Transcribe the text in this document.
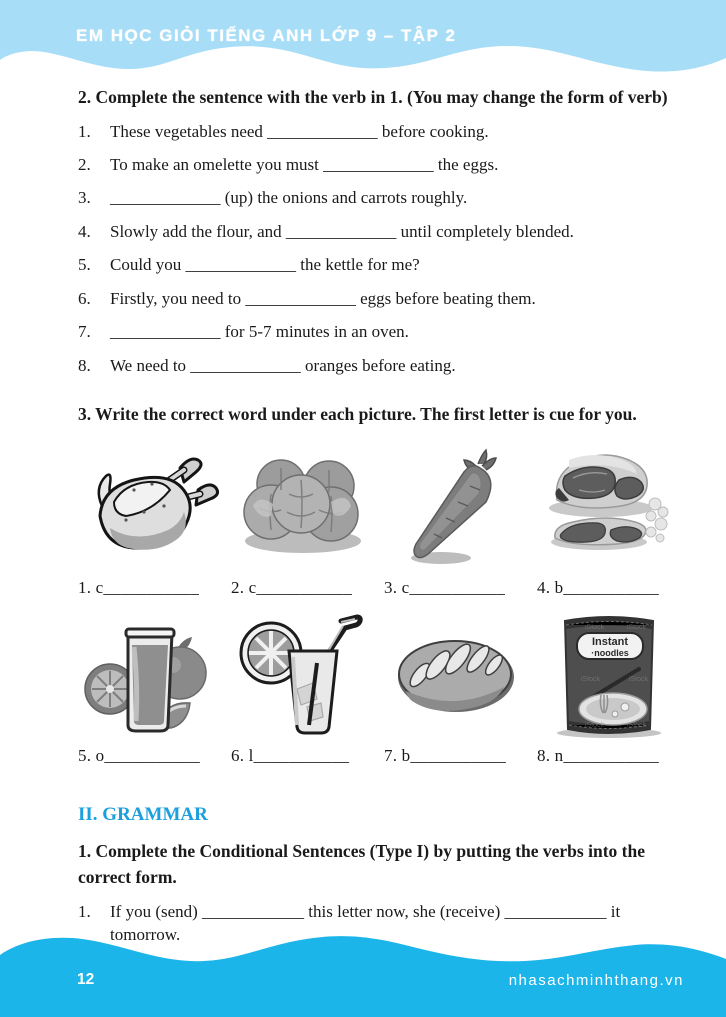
EM HỌC GIỎI TIẾNG ANH LỚP 9 – TẬP 2
2. Complete the sentence with the verb in 1. (You may change the form of verb)
1.	These vegetables need _____________ before cooking.
2.	To make an omelette you must _____________ the eggs.
3.	_____________ (up) the onions and carrots roughly.
4.	Slowly add the flour, and _____________ until completely blended.
5.	Could you _____________ the kettle for me?
6.	Firstly, you need to _____________ eggs before beating them.
7.	_____________ for 5-7 minutes in an oven.
8.	We need to _____________ oranges before eating.
3. Write the correct word under each picture. The first letter is cue for you.
1. c___________	2. c___________	3. c___________	4. b___________
5. o___________	6. l___________	7. b___________
Instant
·noodles
iStock	iStock
iStock	iStock
iStock	iStock
8. n___________
II. GRAMMAR
1. Complete the Conditional Sentences (Type I) by putting the verbs into the correct form.
1.	If you (send) ____________ this letter now, she (receive) ____________ it tomorrow.
12	nhasachminhthang.vn
